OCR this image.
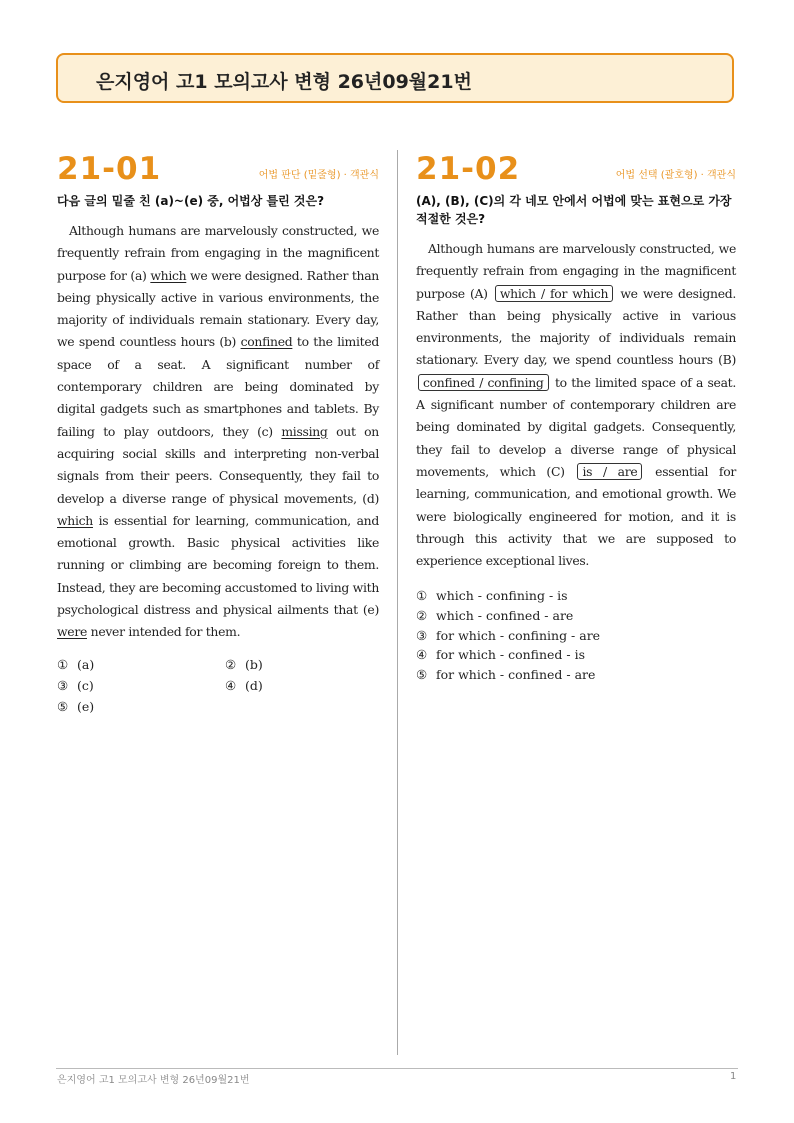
은지영어 고1 모의고사 변형 26년09월21번
21-01	어법 판단 (밑줄형) · 객관식
다음 글의 밑줄 친 (a)~(e) 중, 어법상 틀린 것은?
Although humans are marvelously constructed, we frequently refrain from engaging in the magnificent purpose for (a) which we were designed. Rather than being physically active in various environments, the majority of individuals remain stationary. Every day, we spend countless hours (b) confined to the limited space of a seat. A significant number of contemporary children are being dominated by digital gadgets such as smartphones and tablets. By failing to play outdoors, they (c) missing out on acquiring social skills and interpreting non-verbal signals from their peers. Consequently, they fail to develop a diverse range of physical movements, (d) which is essential for learning, communication, and emotional growth. Basic physical activities like running or climbing are becoming foreign to them. Instead, they are becoming accustomed to living with psychological distress and physical ailments that (e) were never intended for them.
① (a)	② (b)
③ (c)	④ (d)
⑤ (e)
21-02	어법 선택 (괄호형) · 객관식
(A), (B), (C)의 각 네모 안에서 어법에 맞는 표현으로 가장 적절한 것은?
Although humans are marvelously constructed, we frequently refrain from engaging in the magnificent purpose (A) which / for which we were designed. Rather than being physically active in various environments, the majority of individuals remain stationary. Every day, we spend countless hours (B) confined / confining to the limited space of a seat. A significant number of contemporary children are being dominated by digital gadgets. Consequently, they fail to develop a diverse range of physical movements, which (C) is / are essential for learning, communication, and emotional growth. We were biologically engineered for motion, and it is through this activity that we are supposed to experience exceptional lives.
① which - confining - is
② which - confined - are
③ for which - confining - are
④ for which - confined - is
⑤ for which - confined - are
은지영어 고1 모의고사 변형 26년09월21번	1
